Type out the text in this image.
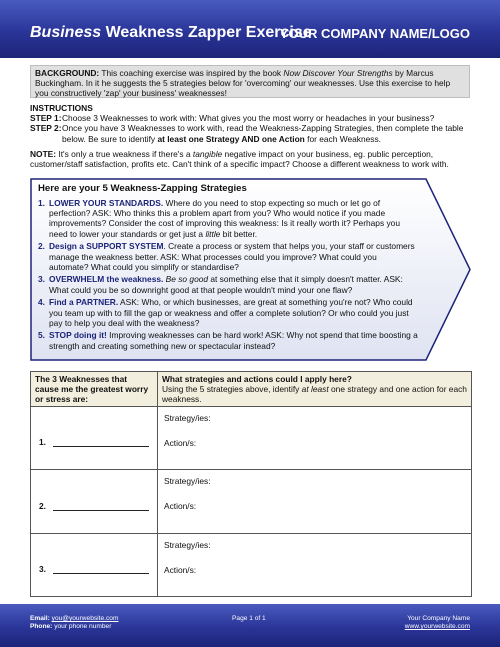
Business Weakness Zapper Exercise
YOUR COMPANY NAME/LOGO
BACKGROUND: This coaching exercise was inspired by the book Now Discover Your Strengths by Marcus Buckingham. In it he suggests the 5 strategies below for 'overcoming' our weaknesses. Use this exercise to help you constructively 'zap' your business' weaknesses!
INSTRUCTIONS
STEP 1: Choose 3 Weaknesses to work with: What gives you the most worry or headaches in your business?
STEP 2: Once you have 3 Weaknesses to work with, read the Weakness-Zapping Strategies, then complete the table below. Be sure to identify at least one Strategy AND one Action for each Weakness.
NOTE: It's only a true weakness if there's a tangible negative impact on your business, eg. public perception, customer/staff satisfaction, profits etc. Can't think of a specific impact? Choose a different weakness to work with.
Here are your 5 Weakness-Zapping Strategies
1. LOWER YOUR STANDARDS. Where do you need to stop expecting so much or let go of perfection? ASK: Who thinks this a problem apart from you? Who would notice if you made improvements? Consider the cost of improving this weakness: Is it really worth it? Perhaps you need to lower your standards or get just a little bit better.
2. Design a SUPPORT SYSTEM. Create a process or system that helps you, your staff or customers manage the weakness better. ASK: What processes could you improve? What could you automate? What could you simplify or standardise?
3. OVERWHELM the weakness. Be so good at something else that it simply doesn't matter. ASK: What could you be so downright good at that people wouldn't mind your one flaw?
4. Find a PARTNER. ASK: Who, or which businesses, are great at something you're not? Who could you team up with to fill the gap or weakness and offer a complete solution? Or who could you just pay to help you deal with the weakness?
5. STOP doing it! Improving weaknesses can be hard work! ASK: Why not spend that time boosting a strength and creating something new or spectacular instead?
The 3 Weaknesses that cause me the greatest worry or stress are:	What strategies and actions could I apply here?
Using the 5 strategies above, identify at least one strategy and one action for each weakness.

1.	Strategy/ies:
Action/s:

2.	Strategy/ies:
Action/s:

3.	Strategy/ies:
Action/s:
Email: you@yourwebsite.com
Phone: your phone number
Page 1 of 1	Your Company Name
www.yourwebsite.com
